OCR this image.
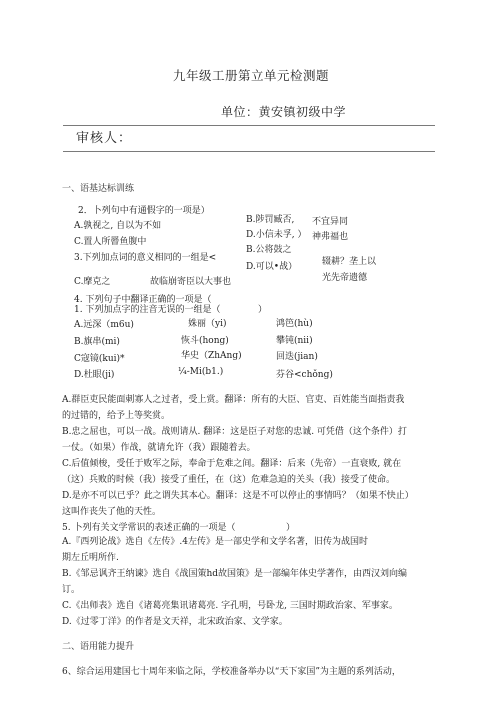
九年级工册第立单元检测题
单位：黄安镇初级中学
审核人：
一、语基达标训练
2．卜列句中有通假字的一项是）
A.孰视之, 自以为不如
B.陟罚臧否, 不宜异同
D.小信未孚, ） 神弗福也
C.置人所罾鱼腹中
B.公将鼓之
3.下列加点词的意义相同的一组是<	辍耕？垄上以
D.可以•战）
C.摩克之	故临崩寄臣以大事也	光先帝遗德
4. 下列句子中翻译正确的一项是（
1. 下列加点字的注音无误的一组是（	）
A.远深（m6u)	姝丽（yi)	鸿笆(hù)
B.旗串(mi)	恢斗(hong)	攀钝(nii)
C寇镜(kui)*	华史（ZhAng)	回迭(jian)
D.杜眼(ji)	¼-Mi(b1.)	芬谷<chǒng)
A.群臣吏民能面刺寡人之过者，受上赏。翻译：所有的大臣、官吏、百姓能当面指责我
的过错的，给予上等奖赏。
B.忠之屈也，可以一战。战则请从. 翻译：这是臣子对您的忠诚. 可凭借（这个条件）打
一仗。（如果）作战，就请允许（我）跟随着去。
C.后值倾梭，受任于败军之际，奉命于危难之间。翻译：后来（先帝）一直衰败, 就在
（这）兵败的时候（我）接受了重任，在（这）危难急迫的关头（我）接受了使命。
D.是亦不可以已乎？此之谓失其本心。翻译：这是不可以停止的事情吗？（如果不快止）
这叫作丧失了他的天性。
5. 卜列有关文学常识的表述正确的一项是（	）
A.『西列论战》选自《左传》.4左传》是一部史学和文学名著，旧传为战国时
期左丘明所作.
B.《邹忌讽齐王纳谏》选自《战国策hd故国策》是一部编年体史学著作，由西汉刘向编
订。
C.《出师表》选自《诸葛亮集讯诸葛亮. 字孔明，号卧龙, 三国时期政治家、军事家。
D.《过零丁洋》的作者是文天祥，北宋政治家、文学家。
二、语用能力提升
6、综合运用建国七十周年来临之际，学校准备举办以“天下家国”为主题的系列活动，
